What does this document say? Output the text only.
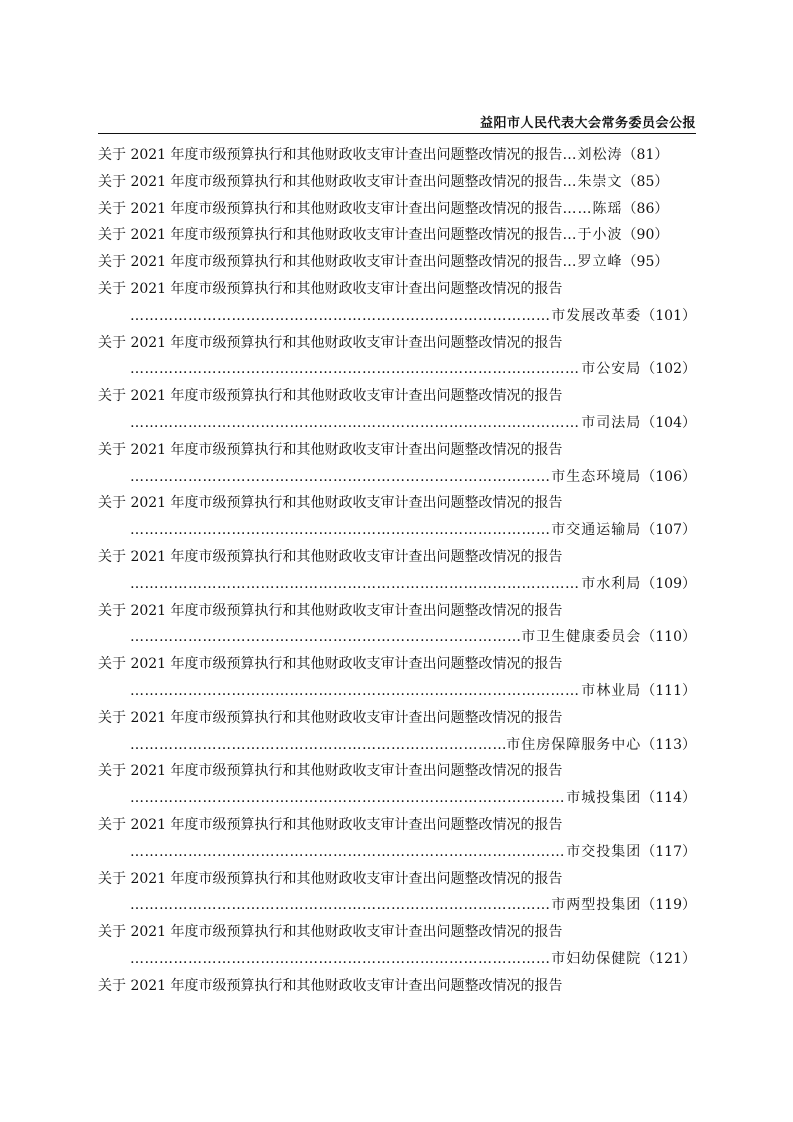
益阳市人民代表大会常务委员会公报
关于 2021 年度市级预算执行和其他财政收支审计查出问题整改情况的报告 … 刘松涛 （81）
关于 2021 年度市级预算执行和其他财政收支审计查出问题整改情况的报告 … 朱崇文 （85）
关于 2021 年度市级预算执行和其他财政收支审计查出问题整改情况的报告 …… 陈瑶 （86）
关于 2021 年度市级预算执行和其他财政收支审计查出问题整改情况的报告 … 于小波 （90）
关于 2021 年度市级预算执行和其他财政收支审计查出问题整改情况的报告 … 罗立峰 （95）
关于 2021 年度市级预算执行和其他财政收支审计查出问题整改情况的报告
……………………………………………………………………………………………………………………………………………………………………………
市发展改革委 （101）
关于 2021 年度市级预算执行和其他财政收支审计查出问题整改情况的报告
……………………………………………………………………………………………………………………………………………………………………………
市公安局 （102）
关于 2021 年度市级预算执行和其他财政收支审计查出问题整改情况的报告
……………………………………………………………………………………………………………………………………………………………………………
市司法局 （104）
关于 2021 年度市级预算执行和其他财政收支审计查出问题整改情况的报告
……………………………………………………………………………………………………………………………………………………………………………
市生态环境局 （106）
关于 2021 年度市级预算执行和其他财政收支审计查出问题整改情况的报告
……………………………………………………………………………………………………………………………………………………………………………
市交通运输局 （107）
关于 2021 年度市级预算执行和其他财政收支审计查出问题整改情况的报告
……………………………………………………………………………………………………………………………………………………………………………
市水利局 （109）
关于 2021 年度市级预算执行和其他财政收支审计查出问题整改情况的报告
……………………………………………………………………………………………………………………………………………………………………………
市卫生健康委员会 （110）
关于 2021 年度市级预算执行和其他财政收支审计查出问题整改情况的报告
……………………………………………………………………………………………………………………………………………………………………………
市林业局 （111）
关于 2021 年度市级预算执行和其他财政收支审计查出问题整改情况的报告
……………………………………………………………………………………………………………………………………………………………………………
市住房保障服务中心 （113）
关于 2021 年度市级预算执行和其他财政收支审计查出问题整改情况的报告
……………………………………………………………………………………………………………………………………………………………………………
市城投集团 （114）
关于 2021 年度市级预算执行和其他财政收支审计查出问题整改情况的报告
……………………………………………………………………………………………………………………………………………………………………………
市交投集团 （117）
关于 2021 年度市级预算执行和其他财政收支审计查出问题整改情况的报告
……………………………………………………………………………………………………………………………………………………………………………
市两型投集团 （119）
关于 2021 年度市级预算执行和其他财政收支审计查出问题整改情况的报告
……………………………………………………………………………………………………………………………………………………………………………
市妇幼保健院 （121）
关于 2021 年度市级预算执行和其他财政收支审计查出问题整改情况的报告
